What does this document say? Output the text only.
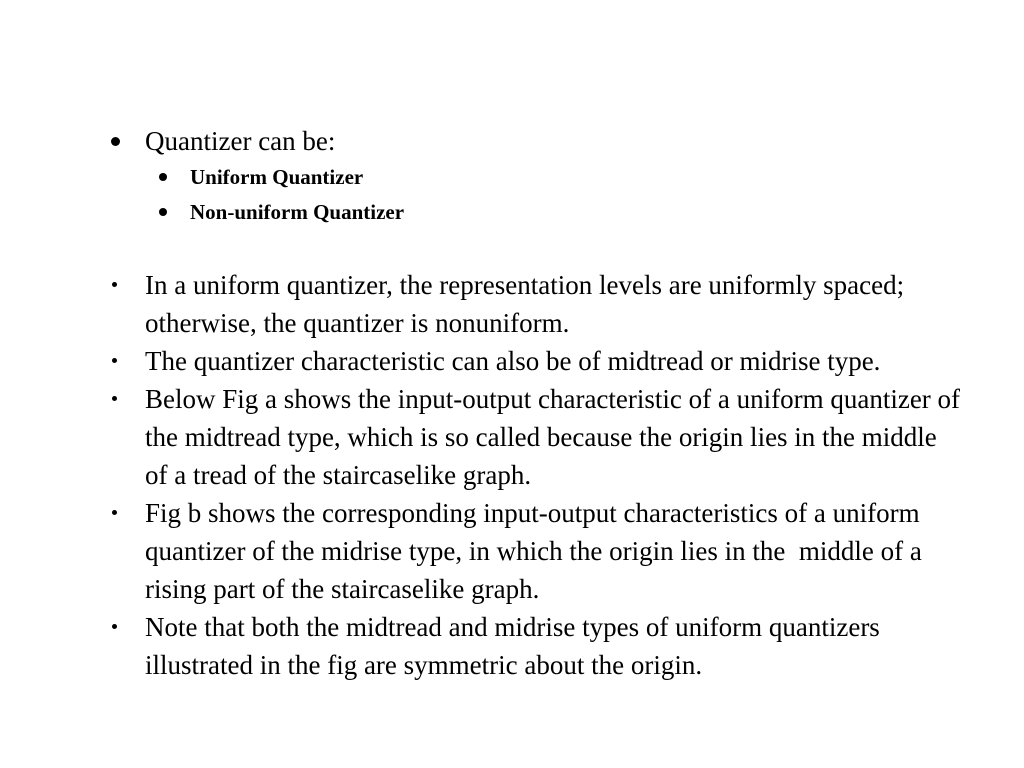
Quantizer can be:
Uniform Quantizer
Non-uniform Quantizer
In a uniform quantizer, the representation levels are uniformly spaced; otherwise, the quantizer is nonuniform.
The quantizer characteristic can also be of midtread or midrise type.
Below Fig a shows the input-output characteristic of a uniform quantizer of the midtread type, which is so called because the origin lies in the middle of a tread of the staircaselike graph.
Fig b shows the corresponding input-output characteristics of a uniform quantizer of the midrise type, in which the origin lies in the  middle of a rising part of the staircaselike graph.
Note that both the midtread and midrise types of uniform quantizers illustrated in the fig are symmetric about the origin.
